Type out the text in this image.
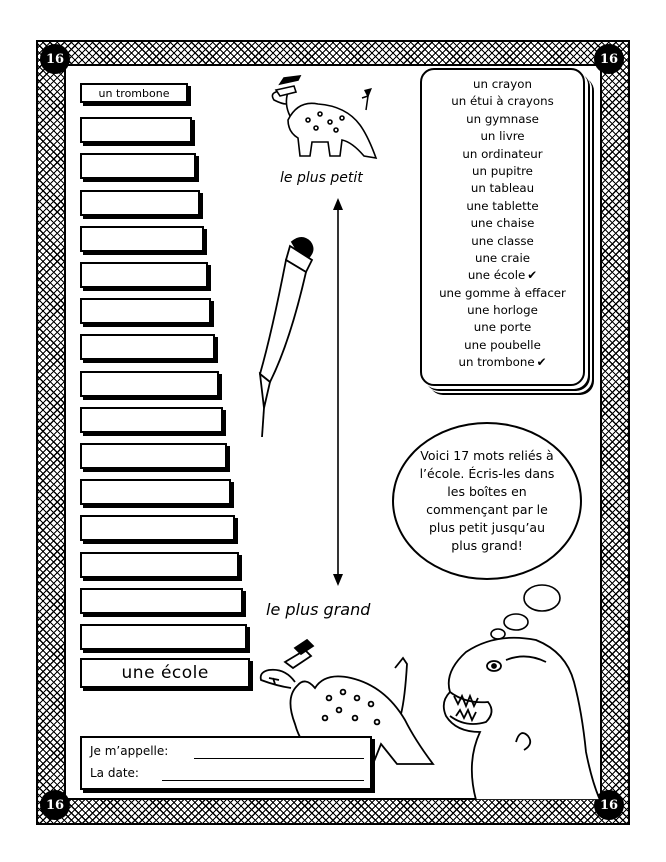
16	16
16	16
un trombone
une école
le plus petit
le plus grand
un crayon
un étui à crayons
un gymnase
un livre
un ordinateur
un pupitre
un tableau
une tablette
une chaise
une classe
une craie
une école ✔
une gomme à effacer
une horloge
une porte
une poubelle
un trombone ✔
Voici 17 mots reliés à l’école. Écris-les dans les boîtes en commençant par le plus petit jusqu’au plus grand!
Je m’appelle:
La date:
